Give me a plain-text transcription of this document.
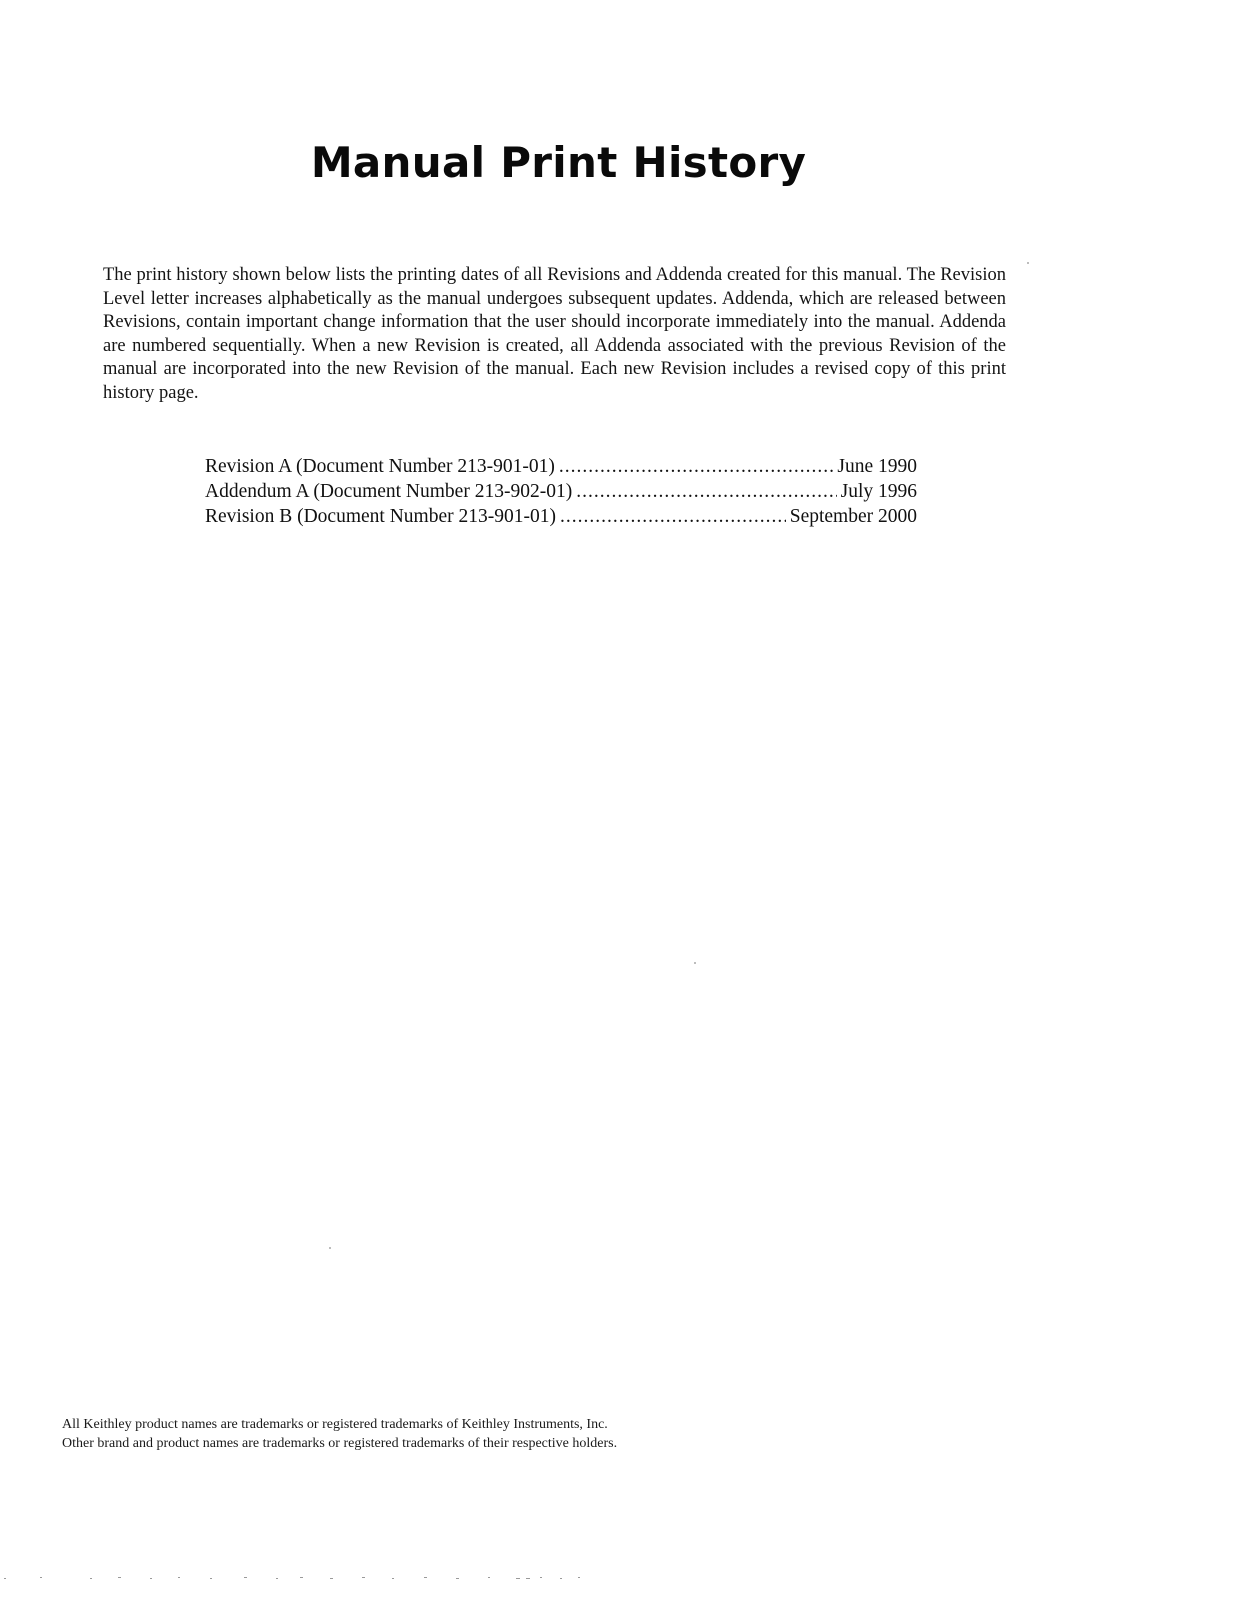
Manual Print History

The print history shown below lists the printing dates of all Revisions and Addenda created for this manual. The Revision Level letter increases alphabetically as the manual undergoes subsequent updates. Addenda, which are released between Revisions, contain important change information that the user should incorporate immediately into the manual. Addenda are numbered sequentially. When a new Revision is created, all Addenda associated with the previous Revision of the manual are incorporated into the new Revision of the manual. Each new Revision includes a revised copy of this print history page.

Revision A (Document Number 213-901-01) .....	June 1990
Addendum A (Document Number 213-902-01) .....	July 1996
Revision B (Document Number 213-901-01) .....	September 2000

All Keithley product names are trademarks or registered trademarks of Keithley Instruments, Inc.

Other brand and product names are trademarks or registered trademarks of their respective holders.
